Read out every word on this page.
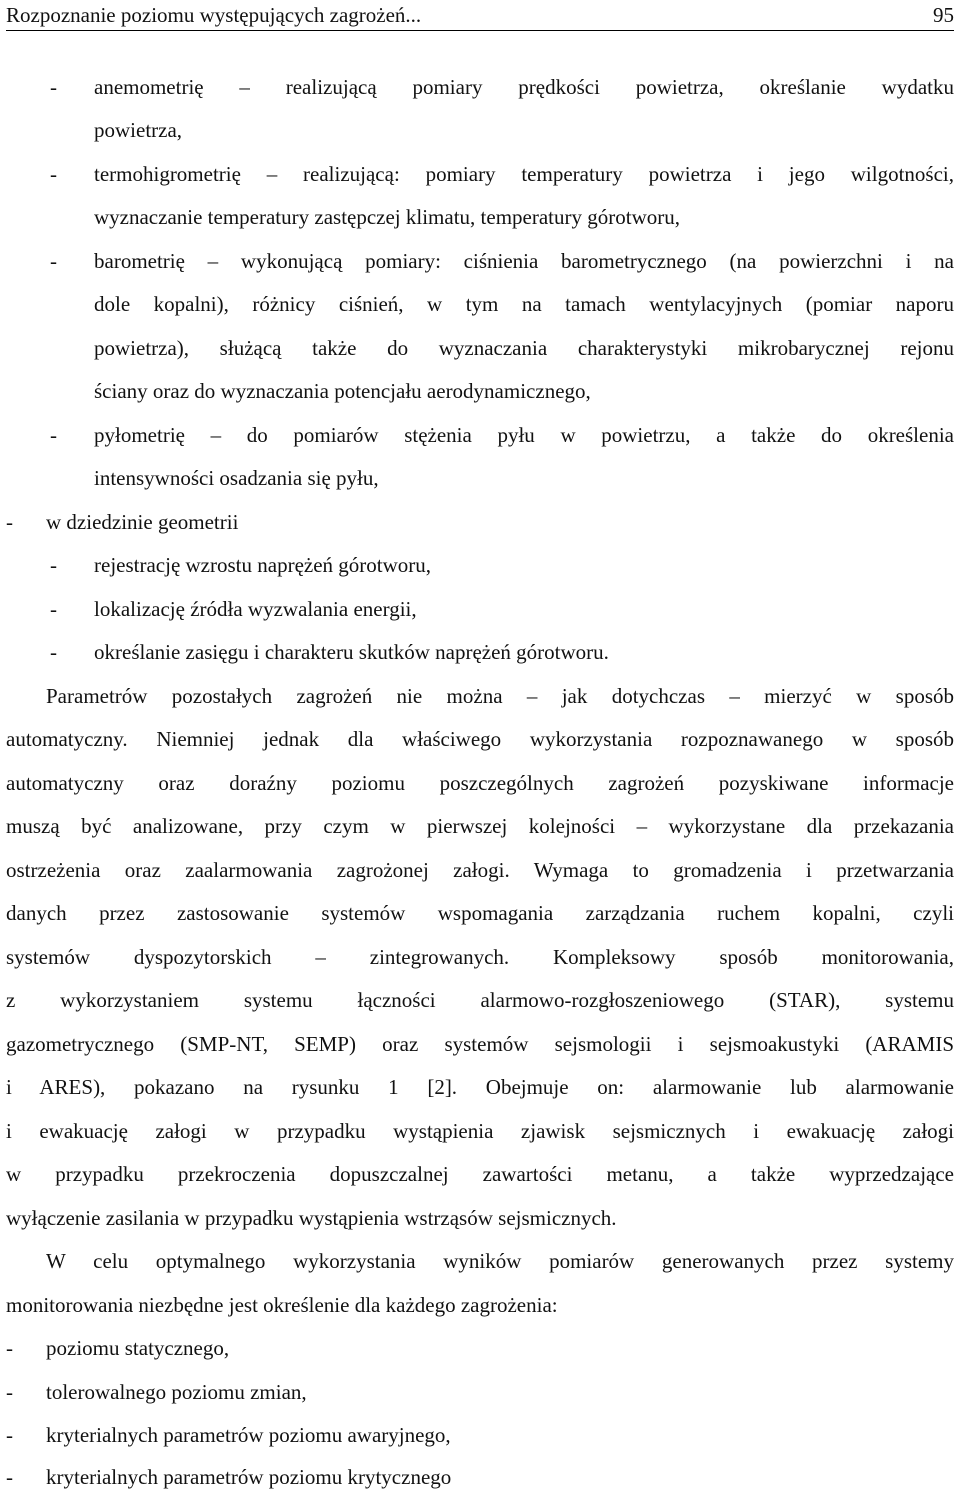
Rozpoznanie poziomu występujących zagrożeń...	95
- anemometrię – realizującą pomiary prędkości powietrza, określanie wydatku
powietrza,
- termohigrometrię – realizującą: pomiary temperatury powietrza i jego wilgotności,
wyznaczanie temperatury zastępczej klimatu, temperatury górotworu,
- barometrię – wykonującą pomiary: ciśnienia barometrycznego (na powierzchni i na
dole kopalni), różnicy ciśnień, w tym na tamach wentylacyjnych (pomiar naporu
powietrza), służącą także do wyznaczania charakterystyki mikrobarycznej rejonu
ściany oraz do wyznaczania potencjału aerodynamicznego,
- pyłometrię – do pomiarów stężenia pyłu w powietrzu, a także do określenia
intensywności osadzania się pyłu,
- w dziedzinie geometrii
- rejestrację wzrostu naprężeń górotworu,
- lokalizację źródła wyzwalania energii,
- określanie zasięgu i charakteru skutków naprężeń górotworu.
Parametrów pozostałych zagrożeń nie można – jak dotychczas – mierzyć w sposób
automatyczny. Niemniej jednak dla właściwego wykorzystania rozpoznawanego w sposób
automatyczny oraz doraźny poziomu poszczególnych zagrożeń pozyskiwane informacje
muszą być analizowane, przy czym w pierwszej kolejności – wykorzystane dla przekazania
ostrzeżenia oraz zaalarmowania zagrożonej załogi. Wymaga to gromadzenia i przetwarzania
danych przez zastosowanie systemów wspomagania zarządzania ruchem kopalni, czyli
systemów dyspozytorskich – zintegrowanych. Kompleksowy sposób monitorowania,
z wykorzystaniem systemu łączności alarmowo-rozgłoszeniowego (STAR), systemu
gazometrycznego (SMP-NT, SEMP) oraz systemów sejsmologii i sejsmoakustyki (ARAMIS
i ARES), pokazano na rysunku 1 [2]. Obejmuje on: alarmowanie lub alarmowanie
i ewakuację załogi w przypadku wystąpienia zjawisk sejsmicznych i ewakuację załogi
w przypadku przekroczenia dopuszczalnej zawartości metanu, a także wyprzedzające
wyłączenie zasilania w przypadku wystąpienia wstrząsów sejsmicznych.
W celu optymalnego wykorzystania wyników pomiarów generowanych przez systemy
monitorowania niezbędne jest określenie dla każdego zagrożenia:
- poziomu statycznego,
- tolerowalnego poziomu zmian,
- kryterialnych parametrów poziomu awaryjnego,
- kryterialnych parametrów poziomu krytycznego
